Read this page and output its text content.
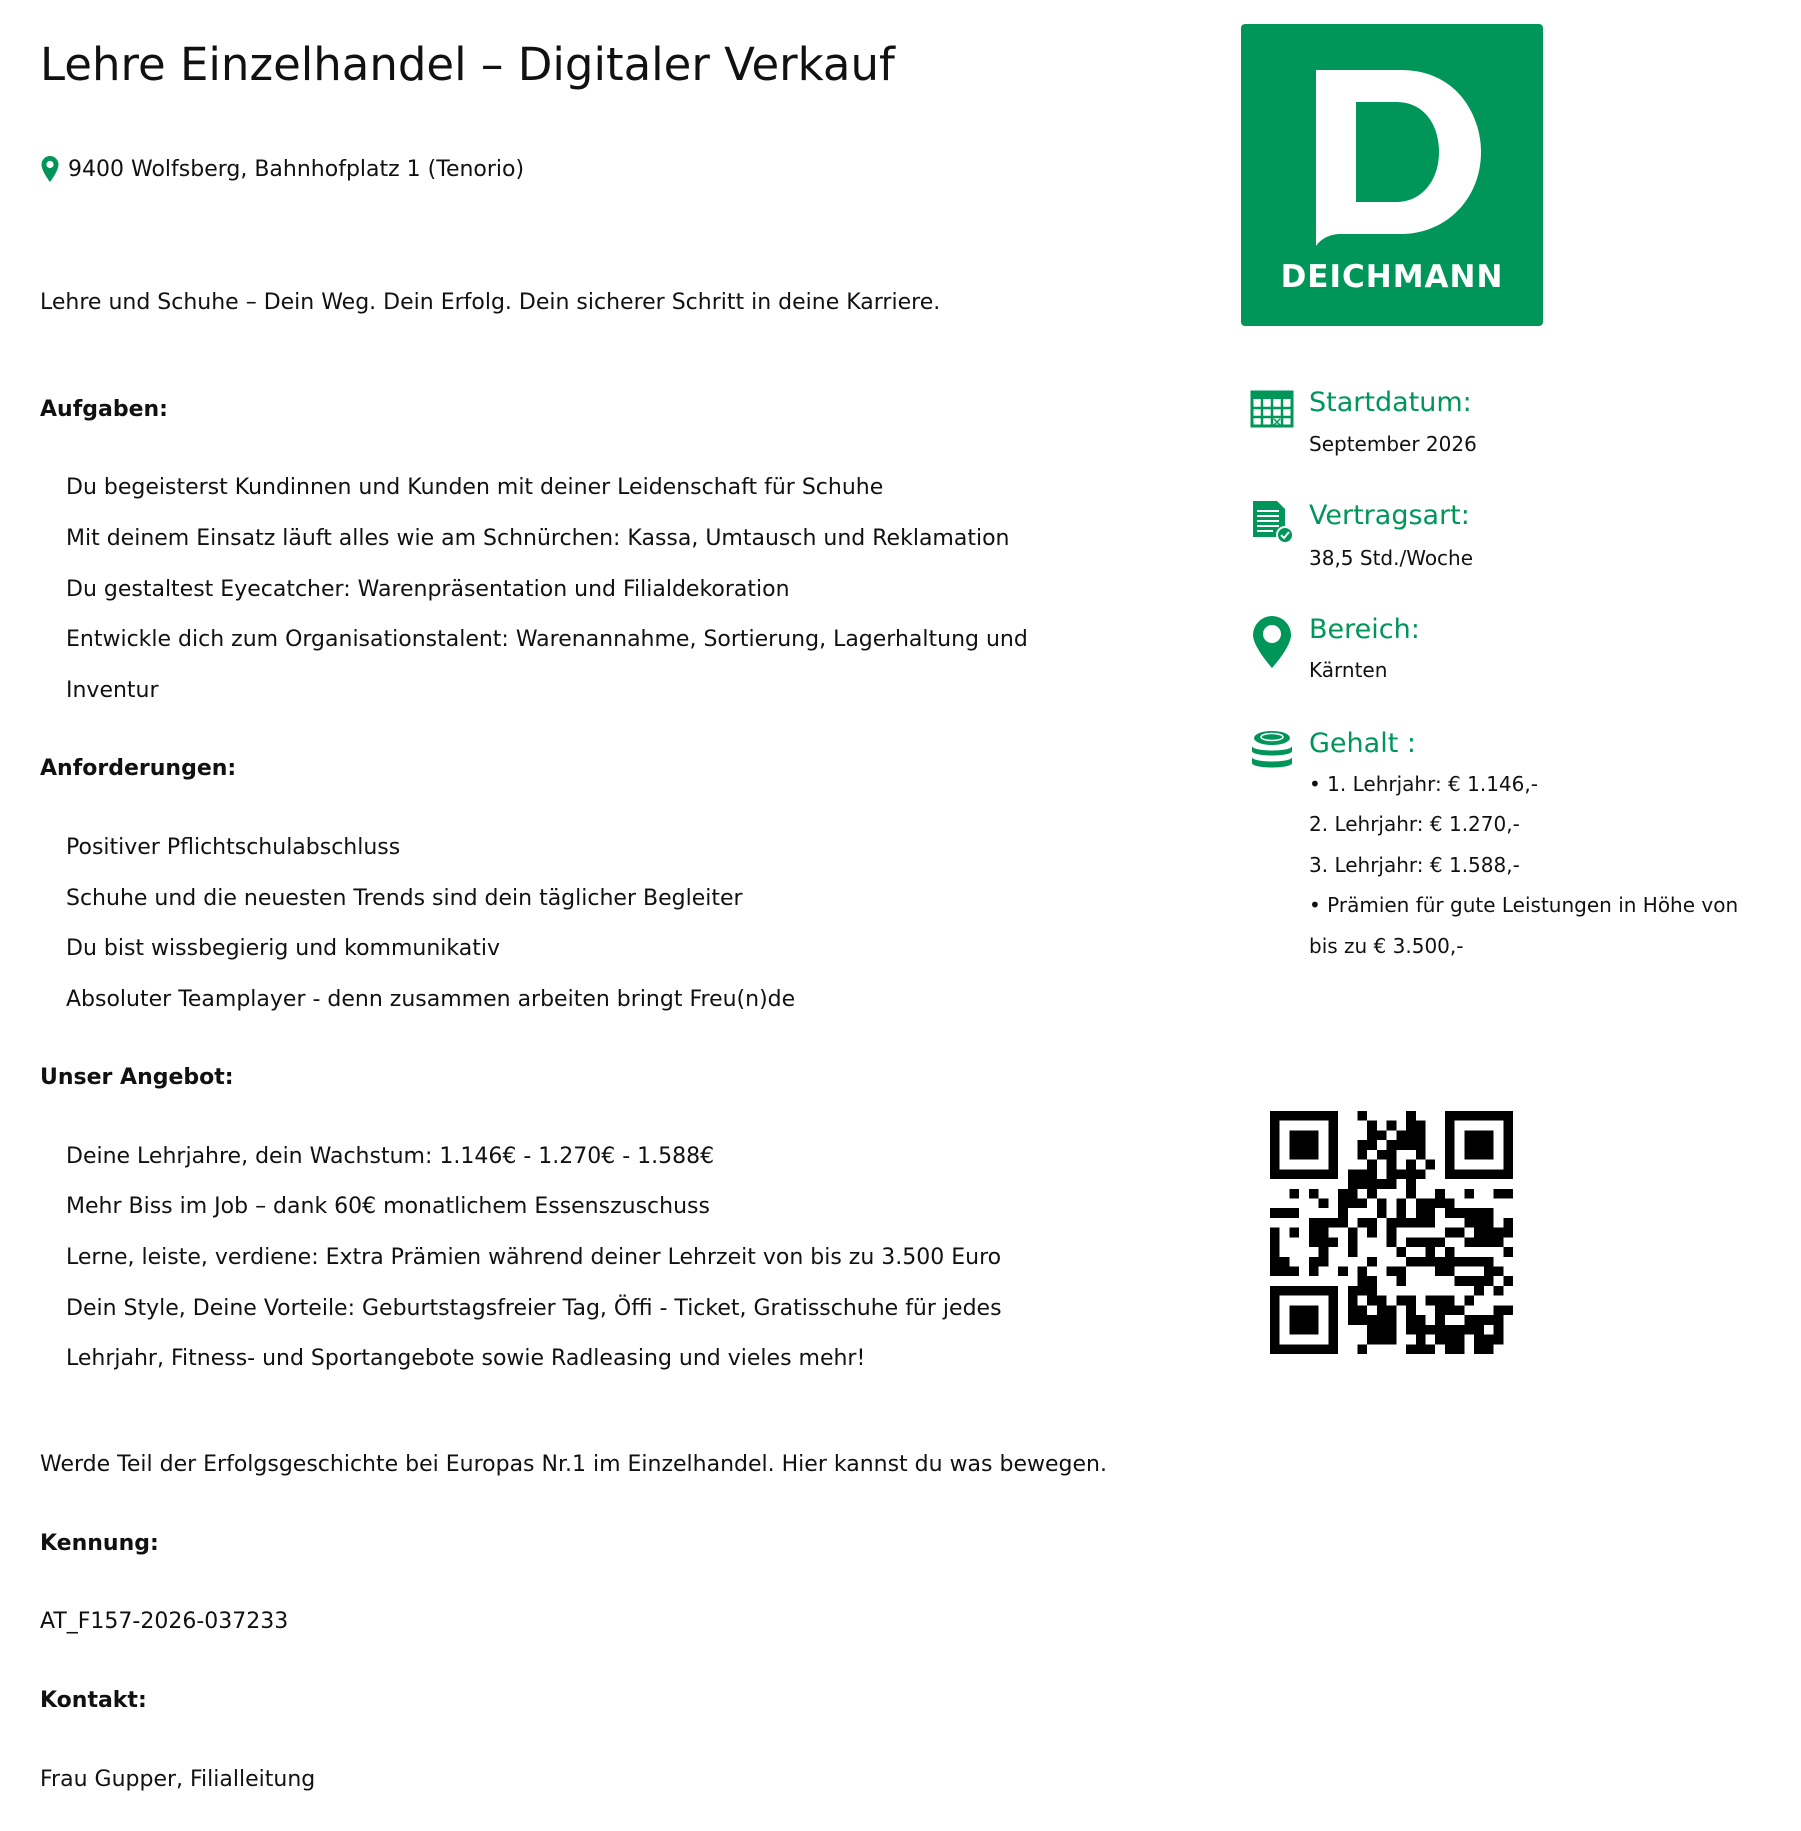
Lehre Einzelhandel – Digitaler Verkauf
9400 Wolfsberg, Bahnhofplatz 1 (Tenorio)
Lehre und Schuhe – Dein Weg. Dein Erfolg. Dein sicherer Schritt in deine Karriere.
Aufgaben:
Du begeisterst Kundinnen und Kunden mit deiner Leidenschaft für Schuhe
Mit deinem Einsatz läuft alles wie am Schnürchen: Kassa, Umtausch und Reklamation
Du gestaltest Eyecatcher: Warenpräsentation und Filialdekoration
Entwickle dich zum Organisationstalent: Warenannahme, Sortierung, Lagerhaltung und
Inventur
Anforderungen:
Positiver Pflichtschulabschluss
Schuhe und die neuesten Trends sind dein täglicher Begleiter
Du bist wissbegierig und kommunikativ
Absoluter Teamplayer - denn zusammen arbeiten bringt Freu(n)de
Unser Angebot:
Deine Lehrjahre, dein Wachstum: 1.146€ - 1.270€ - 1.588€
Mehr Biss im Job – dank 60€ monatlichem Essenszuschuss
Lerne, leiste, verdiene: Extra Prämien während deiner Lehrzeit von bis zu 3.500 Euro
Dein Style, Deine Vorteile: Geburtstagsfreier Tag, Öffi - Ticket, Gratisschuhe für jedes
Lehrjahr, Fitness- und Sportangebote sowie Radleasing und vieles mehr!
Werde Teil der Erfolgsgeschichte bei Europas Nr.1 im Einzelhandel. Hier kannst du was bewegen.
Kennung:
AT_F157-2026-037233
Kontakt:
Frau Gupper, Filialleitung
DEICHMANN
Startdatum:
September 2026
Vertragsart:
38,5 Std./Woche
Bereich:
Kärnten
Gehalt :
• 1. Lehrjahr: € 1.146,-
2. Lehrjahr: € 1.270,-
3. Lehrjahr: € 1.588,-
• Prämien für gute Leistungen in Höhe von
bis zu € 3.500,-
